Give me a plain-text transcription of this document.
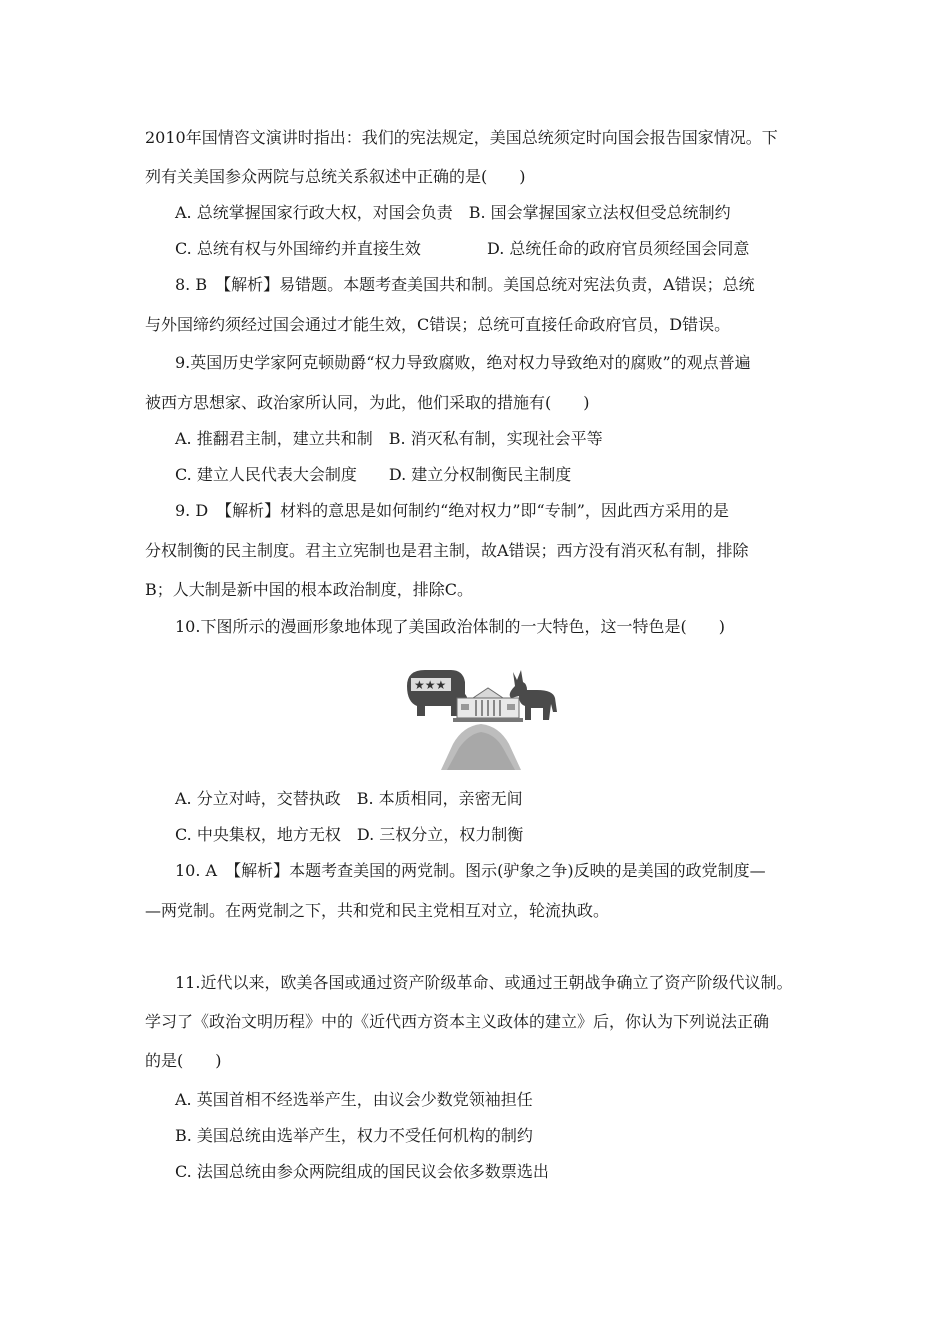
2010年国情咨文演讲时指出：我们的宪法规定，美国总统须定时向国会报告国家情况。下
列有关美国参众两院与总统关系叙述中正确的是(　　)
A. 总统掌握国家行政大权，对国会负责　B. 国会掌握国家立法权但受总统制约
C. 总统有权与外国缔约并直接生效	D. 总统任命的政府官员须经国会同意
8. B　【解析】易错题。本题考查美国共和制。美国总统对宪法负责，A错误；总统
与外国缔约须经过国会通过才能生效，C错误；总统可直接任命政府官员，D错误。
9.英国历史学家阿克顿勋爵“权力导致腐败，绝对权力导致绝对的腐败”的观点普遍
被西方思想家、政治家所认同，为此，他们采取的措施有(　　)
A. 推翻君主制，建立共和制　B. 消灭私有制，实现社会平等
C. 建立人民代表大会制度　　D. 建立分权制衡民主制度
9. D　【解析】材料的意思是如何制约“绝对权力”即“专制”，因此西方采用的是
分权制衡的民主制度。君主立宪制也是君主制，故A错误；西方没有消灭私有制，排除
B；人大制是新中国的根本政治制度，排除C。
10.下图所示的漫画形象地体现了美国政治体制的一大特色，这一特色是(　　)
★★★
A. 分立对峙，交替执政　B. 本质相同，亲密无间
C. 中央集权，地方无权　D. 三权分立，权力制衡
10. A　【解析】本题考查美国的两党制。图示(驴象之争)反映的是美国的政党制度—
—两党制。在两党制之下，共和党和民主党相互对立，轮流执政。
11.近代以来，欧美各国或通过资产阶级革命、或通过王朝战争确立了资产阶级代议制。
学习了《政治文明历程》中的《近代西方资本主义政体的建立》后，你认为下列说法正确
的是(　　)
A. 英国首相不经选举产生，由议会少数党领袖担任
B. 美国总统由选举产生，权力不受任何机构的制约
C. 法国总统由参众两院组成的国民议会依多数票选出
